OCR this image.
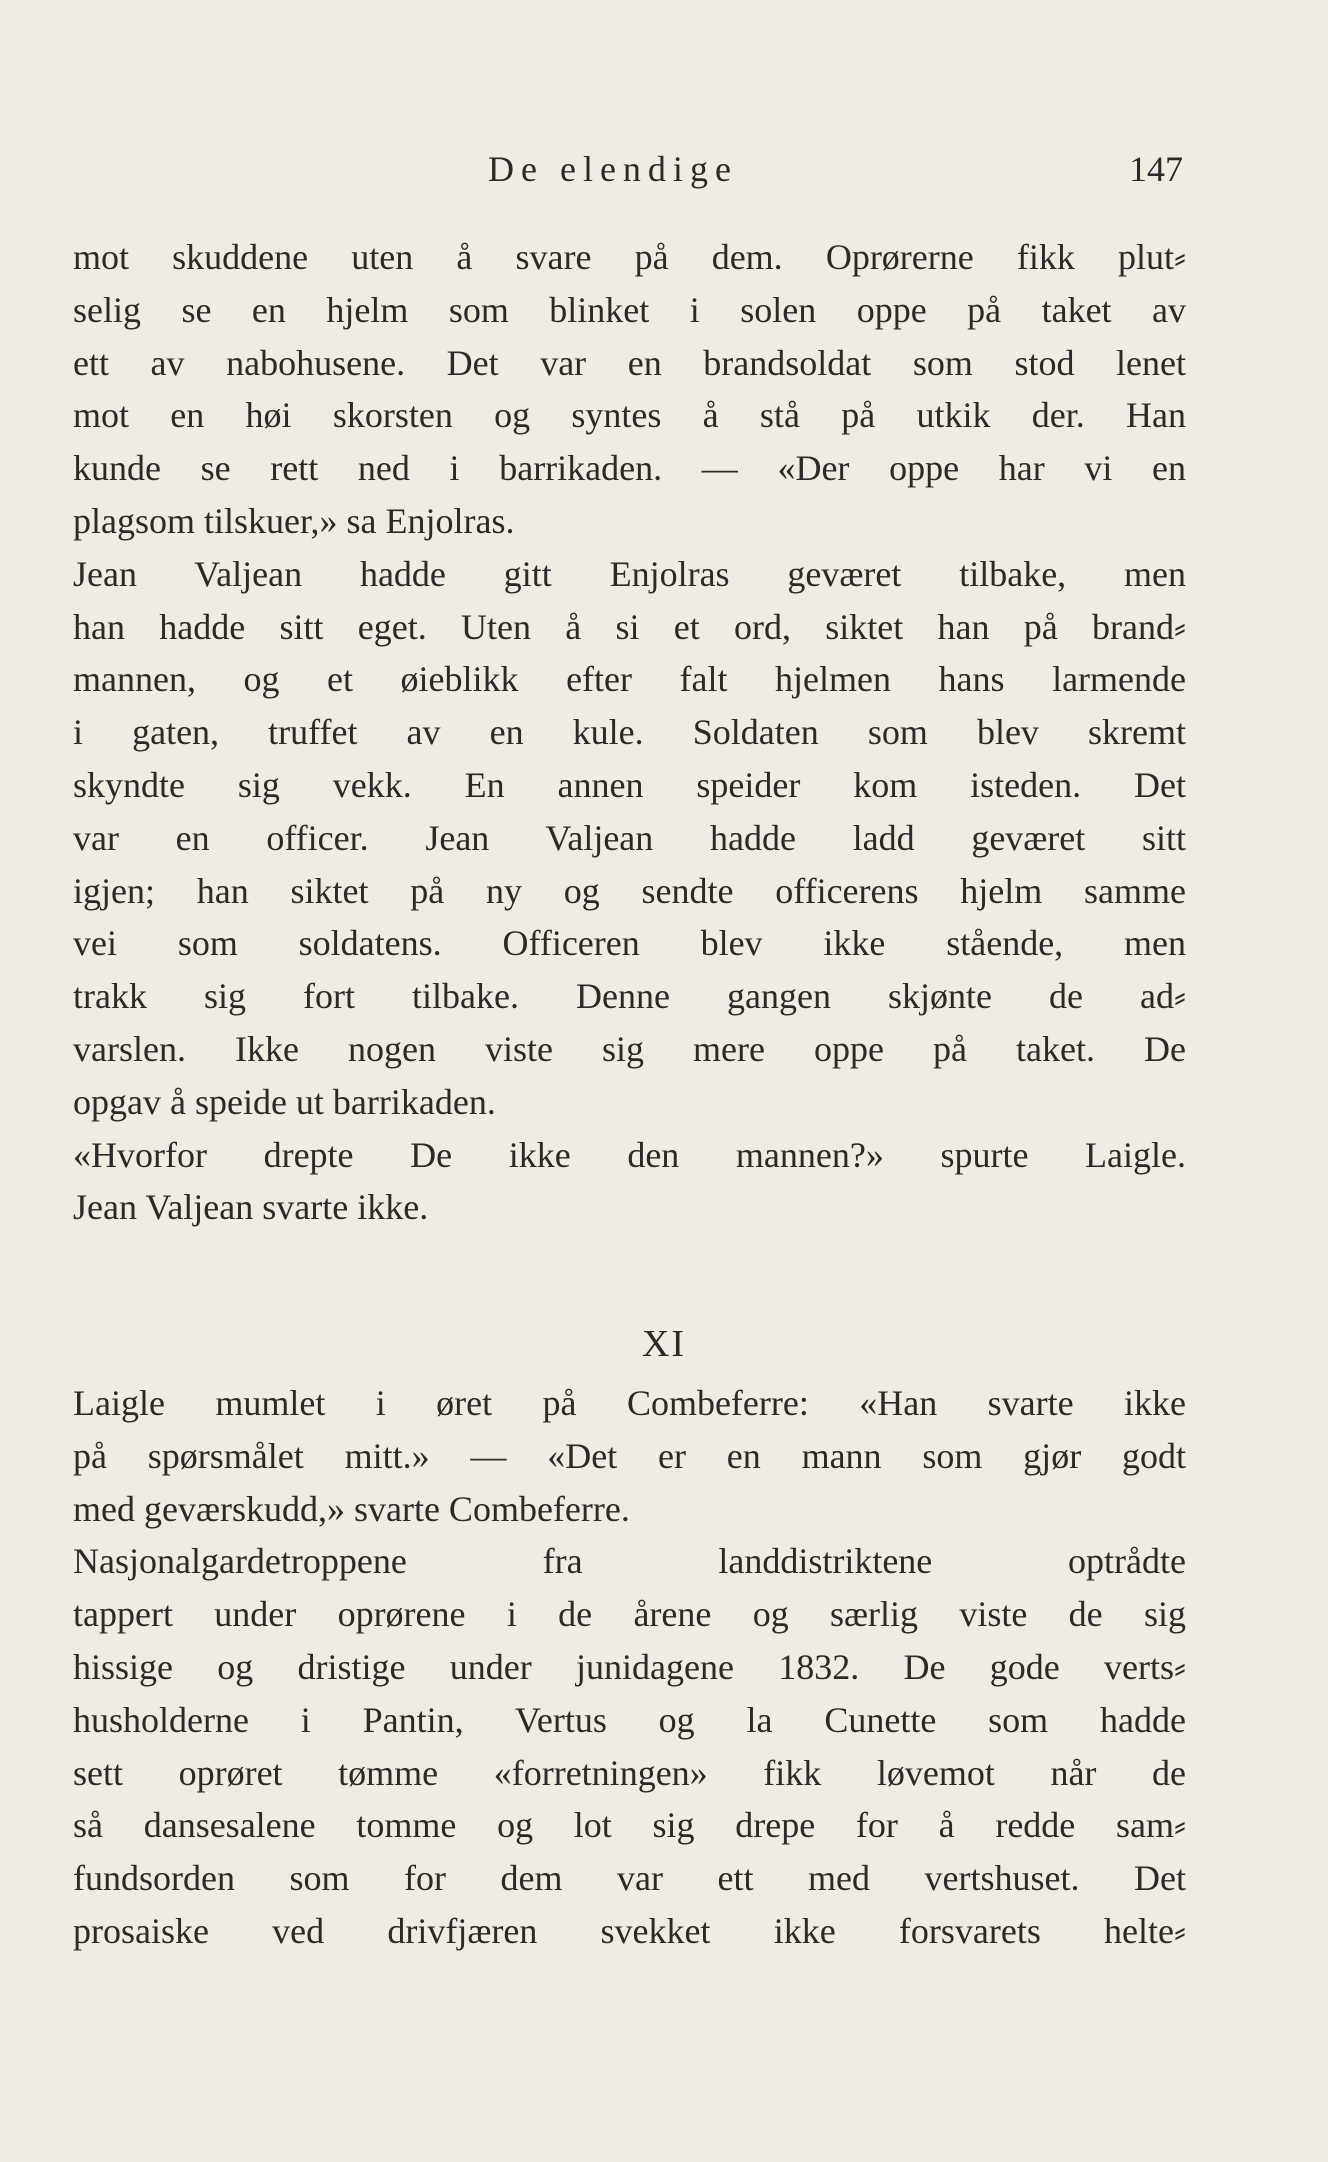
De elendige	147
mot skuddene uten å svare på dem. Oprørerne fikk plut⸗
selig se en hjelm som blinket i solen oppe på taket av
ett av nabohusene. Det var en brandsoldat som stod lenet
mot en høi skorsten og syntes å stå på utkik der. Han
kunde se rett ned i barrikaden. — «Der oppe har vi en
plagsom tilskuer,» sa Enjolras.
Jean Valjean hadde gitt Enjolras geværet tilbake, men
han hadde sitt eget. Uten å si et ord, siktet han på brand⸗
mannen, og et øieblikk efter falt hjelmen hans larmende
i gaten, truffet av en kule. Soldaten som blev skremt
skyndte sig vekk. En annen speider kom isteden. Det
var en officer. Jean Valjean hadde ladd geværet sitt
igjen; han siktet på ny og sendte officerens hjelm samme
vei som soldatens. Officeren blev ikke stående, men
trakk sig fort tilbake. Denne gangen skjønte de ad⸗
varslen. Ikke nogen viste sig mere oppe på taket. De
opgav å speide ut barrikaden.
«Hvorfor drepte De ikke den mannen?» spurte Laigle.
Jean Valjean svarte ikke.
XI
Laigle mumlet i øret på Combeferre: «Han svarte ikke
på spørsmålet mitt.» — «Det er en mann som gjør godt
med geværskudd,» svarte Combeferre.
Nasjonalgardetroppene fra landdistriktene optrådte
tappert under oprørene i de årene og særlig viste de sig
hissige og dristige under junidagene 1832. De gode verts⸗
husholderne i Pantin, Vertus og la Cunette som hadde
sett oprøret tømme «forretningen» fikk løvemot når de
så dansesalene tomme og lot sig drepe for å redde sam⸗
fundsorden som for dem var ett med vertshuset. Det
prosaiske ved drivfjæren svekket ikke forsvarets helte⸗
